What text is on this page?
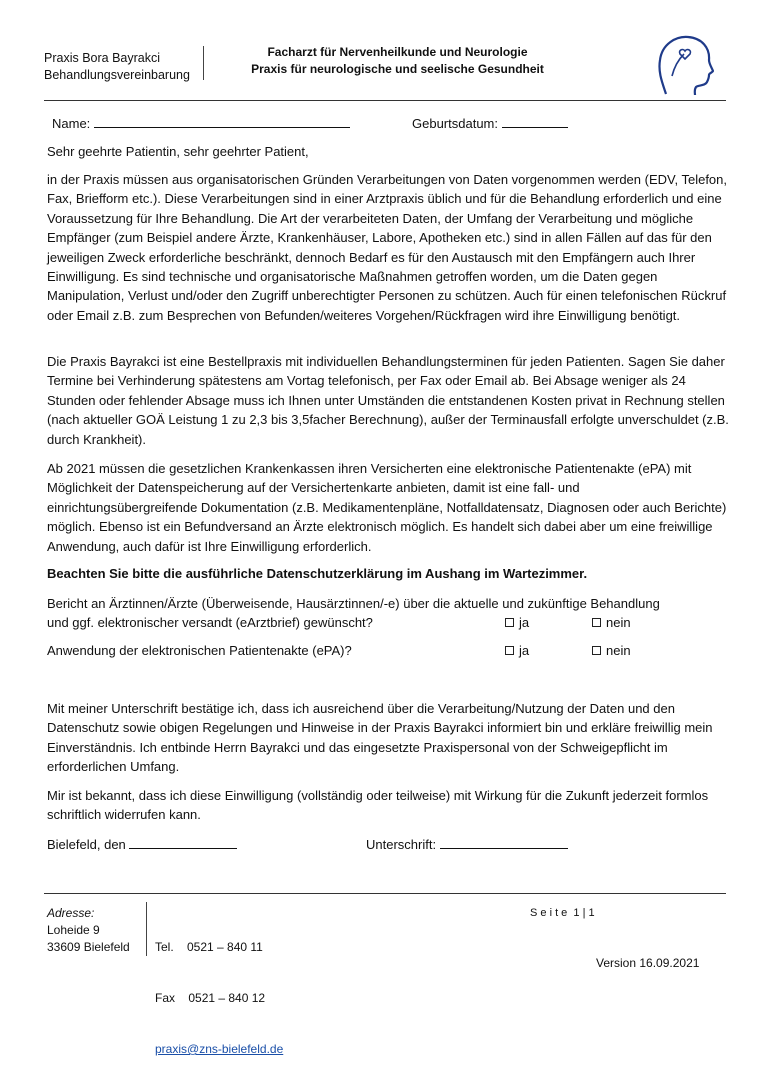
Praxis Bora Bayrakci
Behandlungsvereinbarung
Facharzt für Nervenheilkunde und Neurologie
Praxis für neurologische und seelische Gesundheit
Name:	Geburtsdatum:
Sehr geehrte Patientin, sehr geehrter Patient,
in der Praxis müssen aus organisatorischen Gründen Verarbeitungen von Daten vorgenommen werden (EDV, Telefon, Fax, Briefform etc.). Diese Verarbeitungen sind in einer Arztpraxis üblich und für die Behandlung erforderlich und eine Voraussetzung für Ihre Behandlung. Die Art der verarbeiteten Daten, der Umfang der Verarbeitung und mögliche Empfänger (zum Beispiel andere Ärzte, Krankenhäuser, Labore, Apotheken etc.) sind in allen Fällen auf das für den jeweiligen Zweck erforderliche beschränkt, dennoch Bedarf es für den Austausch mit den Empfängern auch Ihrer Einwilligung. Es sind technische und organisatorische Maßnahmen getroffen worden, um die Daten gegen Manipulation, Verlust und/oder den Zugriff unberechtigter Personen zu schützen. Auch für einen telefonischen Rückruf oder Email z.B. zum Besprechen von Befunden/weiteres Vorgehen/Rückfragen wird ihre Einwilligung benötigt.
Die Praxis Bayrakci ist eine Bestellpraxis mit individuellen Behandlungsterminen für jeden Patienten. Sagen Sie daher Termine bei Verhinderung spätestens am Vortag telefonisch, per Fax oder Email ab. Bei Absage weniger als 24 Stunden oder fehlender Absage muss ich Ihnen unter Umständen die entstandenen Kosten privat in Rechnung stellen (nach aktueller GOÄ Leistung 1 zu 2,3 bis 3,5facher Berechnung), außer der Terminausfall erfolgte unverschuldet (z.B. durch Krankheit).
Ab 2021 müssen die gesetzlichen Krankenkassen ihren Versicherten eine elektronische Patientenakte (ePA) mit Möglichkeit der Datenspeicherung auf der Versichertenkarte anbieten, damit ist eine fall- und einrichtungsübergreifende Dokumentation (z.B. Medikamentenpläne, Notfalldatensatz, Diagnosen oder auch Berichte) möglich. Ebenso ist ein Befundversand an Ärzte elektronisch möglich. Es handelt sich dabei aber um eine freiwillige Anwendung, auch dafür ist Ihre Einwilligung erforderlich.
Beachten Sie bitte die ausführliche Datenschutzerklärung im Aushang im Wartezimmer.
Bericht an Ärztinnen/Ärzte (Überweisende, Hausärztinnen/-e) über die aktuelle und zukünftige Behandlung
und ggf. elektronischer versandt (eArztbrief) gewünscht?	ja	nein
Anwendung der elektronischen Patientenakte (ePA)?	ja	nein
Mit meiner Unterschrift bestätige ich, dass ich ausreichend über die Verarbeitung/Nutzung der Daten und den Datenschutz sowie obigen Regelungen und Hinweise in der Praxis Bayrakci informiert bin und erkläre freiwillig mein Einverständnis. Ich entbinde Herrn Bayrakci und das eingesetzte Praxispersonal von der Schweigepflicht im erforderlichen Umfang.
Mir ist bekannt, dass ich diese Einwilligung (vollständig oder teilweise) mit Wirkung für die Zukunft jederzeit formlos schriftlich widerrufen kann.
Bielefeld, den	Unterschrift:
Adresse:
Loheide 9
33609 Bielefeld

Tel.    0521 – 840 11

Fax    0521 – 840 12

praxis@zns-bielefeld.de

S e i t e  1 | 1
Version 16.09.2021
